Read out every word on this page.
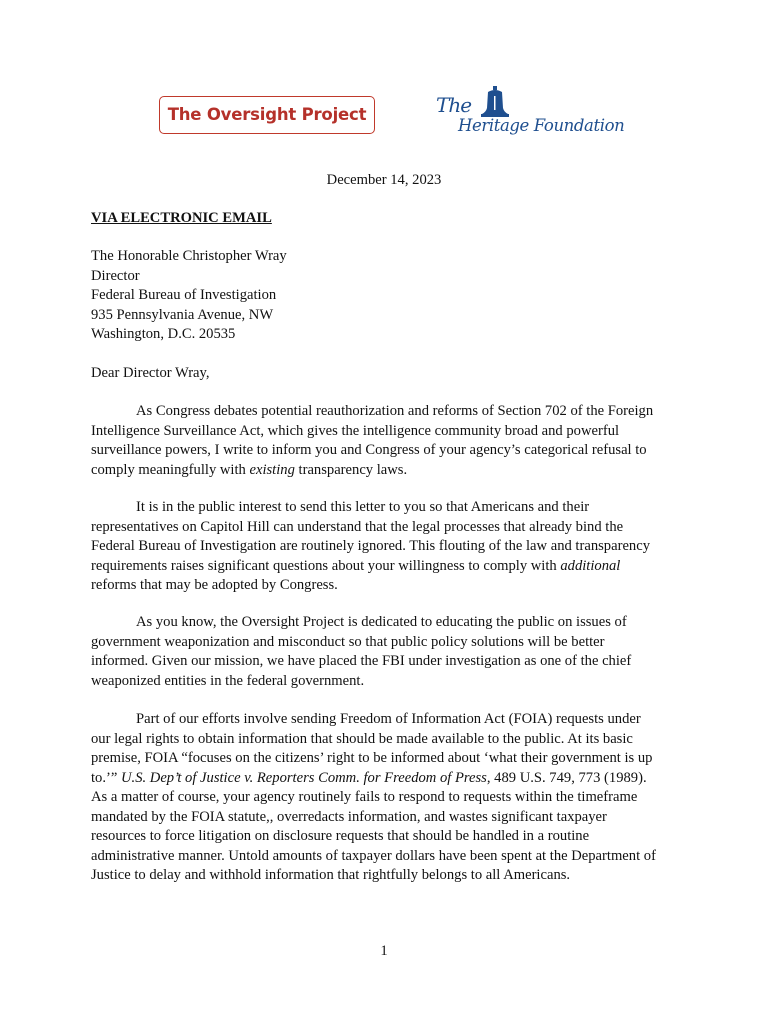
The Oversight Project	The
Heritage Foundation
December 14, 2023
VIA ELECTRONIC EMAIL
The Honorable Christopher Wray
Director
Federal Bureau of Investigation
935 Pennsylvania Avenue, NW
Washington, D.C. 20535
Dear Director Wray,
As Congress debates potential reauthorization and reforms of Section 702 of the Foreign
Intelligence Surveillance Act, which gives the intelligence community broad and powerful
surveillance powers, I write to inform you and Congress of your agency’s categorical refusal to
comply meaningfully with existing transparency laws.
It is in the public interest to send this letter to you so that Americans and their
representatives on Capitol Hill can understand that the legal processes that already bind the
Federal Bureau of Investigation are routinely ignored. This flouting of the law and transparency
requirements raises significant questions about your willingness to comply with additional
reforms that may be adopted by Congress.
As you know, the Oversight Project is dedicated to educating the public on issues of
government weaponization and misconduct so that public policy solutions will be better
informed. Given our mission, we have placed the FBI under investigation as one of the chief
weaponized entities in the federal government.
Part of our efforts involve sending Freedom of Information Act (FOIA) requests under
our legal rights to obtain information that should be made available to the public. At its basic
premise, FOIA “focuses on the citizens’ right to be informed about ‘what their government is up
to.’” U.S. Dep’t of Justice v. Reporters Comm. for Freedom of Press, 489 U.S. 749, 773 (1989).
As a matter of course, your agency routinely fails to respond to requests within the timeframe
mandated by the FOIA statute,, overredacts information, and wastes significant taxpayer
resources to force litigation on disclosure requests that should be handled in a routine
administrative manner. Untold amounts of taxpayer dollars have been spent at the Department of
Justice to delay and withhold information that rightfully belongs to all Americans.
1
